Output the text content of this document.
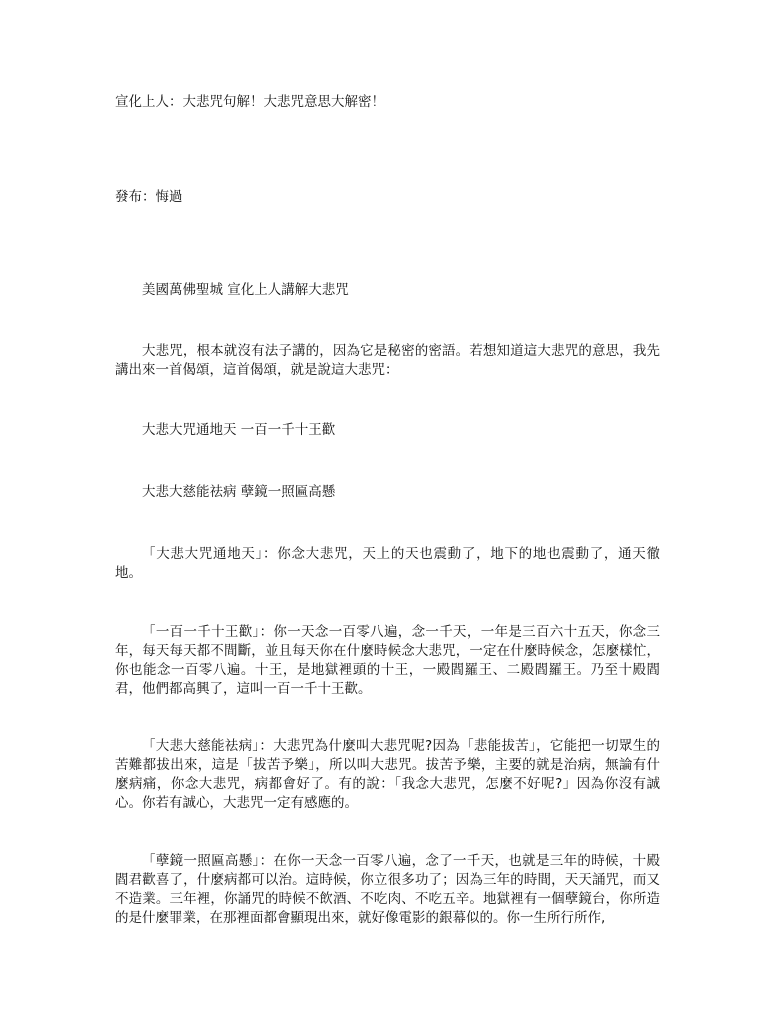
宣化上人：大悲咒句解！大悲咒意思大解密！

發布：悔過

美國萬佛聖城 宣化上人講解大悲咒

大悲咒，根本就沒有法子講的，因為它是秘密的密語。若想知道這大悲咒的意思，我先講出來一首偈頌，這首偈頌，就是說這大悲咒：

大悲大咒通地天 一百一千十王歡

大悲大慈能祛病 孽鏡一照匾高懸

「大悲大咒通地天」：你念大悲咒，天上的天也震動了，地下的地也震動了，通天徹地。

「一百一千十王歡」：你一天念一百零八遍，念一千天，一年是三百六十五天，你念三年，每天每天都不間斷，並且每天你在什麼時候念大悲咒，一定在什麼時候念，怎麼樣忙，你也能念一百零八遍。十王，是地獄裡頭的十王，一殿閻羅王、二殿閻羅王。乃至十殿閻君，他們都高興了，這叫一百一千十王歡。

「大悲大慈能祛病」：大悲咒為什麼叫大悲咒呢?因為「悲能拔苦」，它能把一切眾生的苦難都拔出來，這是「拔苦予樂」，所以叫大悲咒。拔苦予樂，主要的就是治病，無論有什麼病痛，你念大悲咒，病都會好了。有的說：「我念大悲咒，怎麼不好呢?」因為你沒有誠心。你若有誠心，大悲咒一定有感應的。

「孽鏡一照匾高懸」：在你一天念一百零八遍，念了一千天，也就是三年的時候，十殿閻君歡喜了，什麼病都可以治。這時候，你立很多功了；因為三年的時間，天天誦咒，而又不造業。三年裡，你誦咒的時候不飲酒、不吃肉、不吃五辛。地獄裡有一個孽鏡台，你所造的是什麼罪業，在那裡面都會顯現出來，就好像電影的銀幕似的。你一生所行所作,
